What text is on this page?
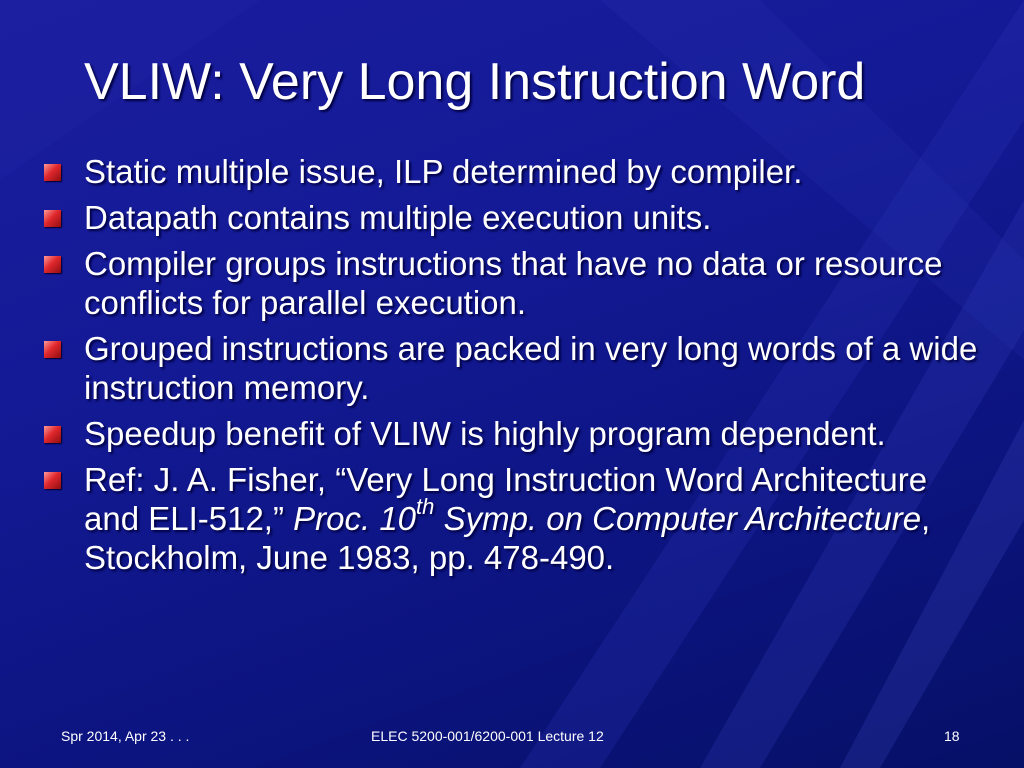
VLIW: Very Long Instruction Word
Static multiple issue, ILP determined by compiler.
Datapath contains multiple execution units.
Compiler groups instructions that have no data or resource conflicts for parallel execution.
Grouped instructions are packed in very long words of a wide instruction memory.
Speedup benefit of VLIW is highly program dependent.
Ref: J. A. Fisher, “Very Long Instruction Word Architecture and ELI-512,” Proc. 10th Symp. on Computer Architecture, Stockholm, June 1983, pp. 478-490.
Spr 2014, Apr 23 . . .	ELEC 5200-001/6200-001 Lecture 12	18
